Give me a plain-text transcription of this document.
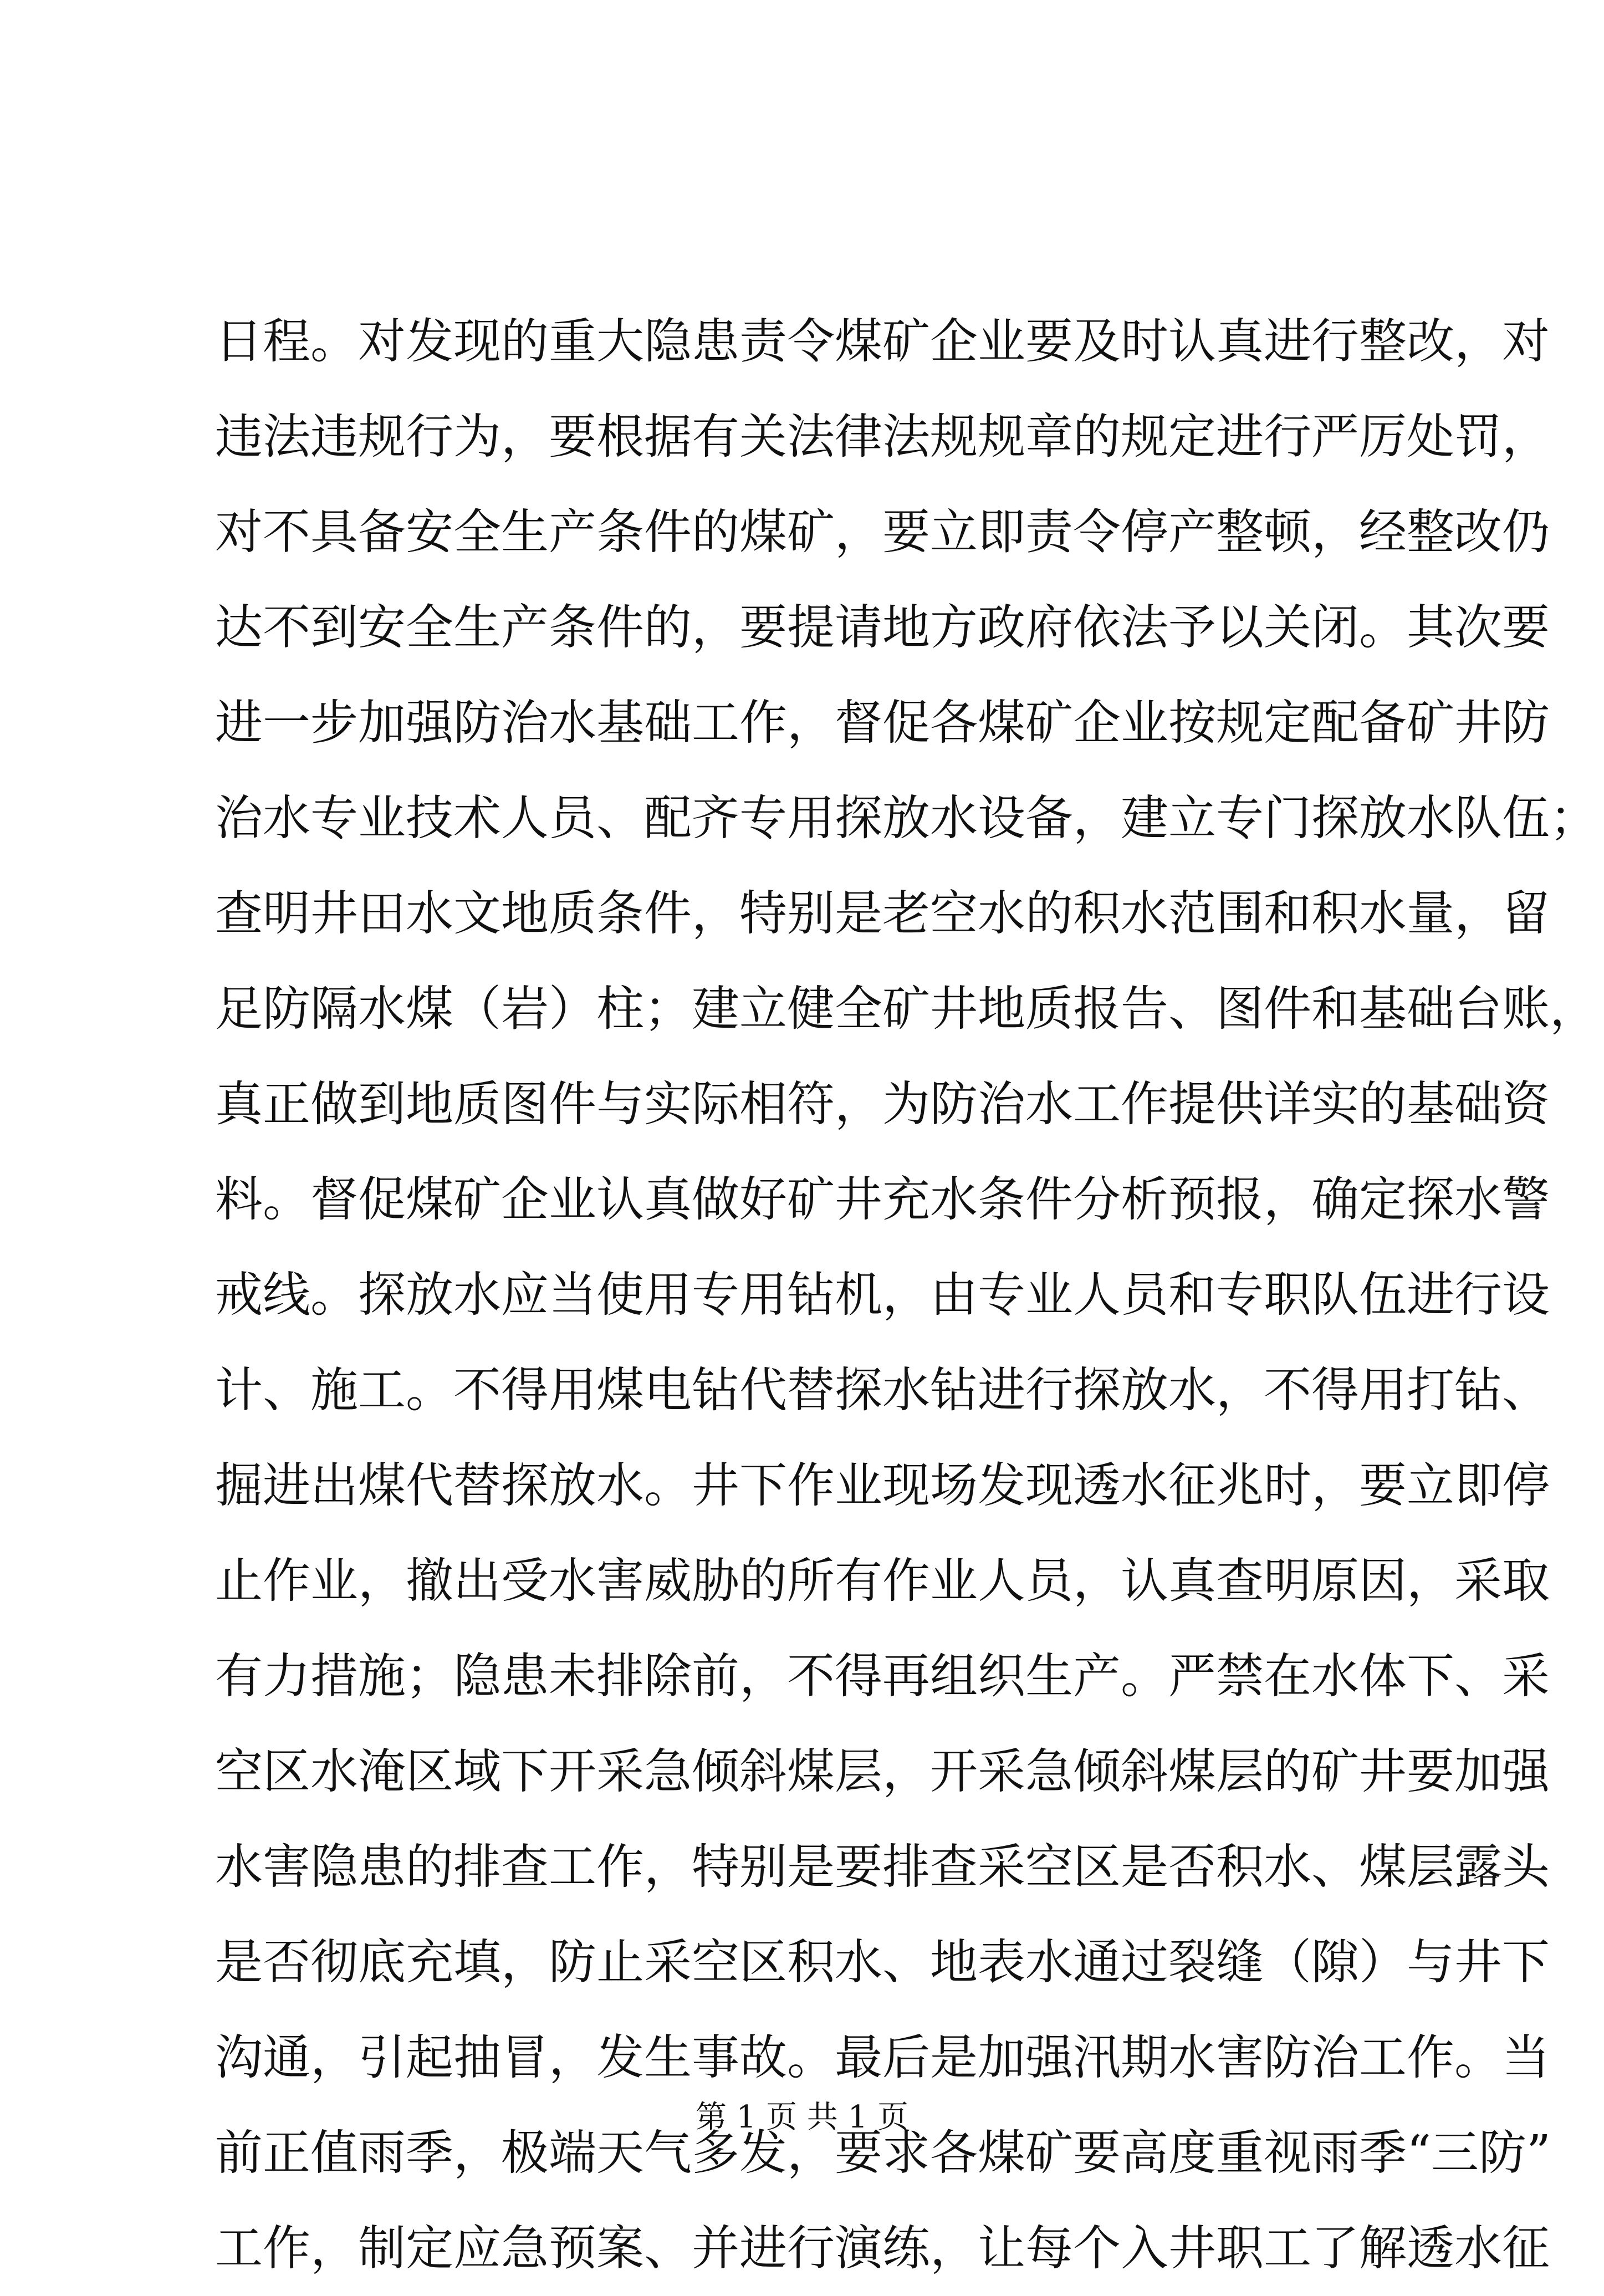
日程。对发现的重大隐患责令煤矿企业要及时认真进行整改，对
违法违规行为，要根据有关法律法规规章的规定进行严厉处罚，
对不具备安全生产条件的煤矿，要立即责令停产整顿，经整改仍
达不到安全生产条件的，要提请地方政府依法予以关闭。其次要
进一步加强防治水基础工作，督促各煤矿企业按规定配备矿井防
治水专业技术人员、配齐专用探放水设备，建立专门探放水队伍；
查明井田水文地质条件，特别是老空水的积水范围和积水量，留
足防隔水煤（岩）柱；建立健全矿井地质报告、图件和基础台账，
真正做到地质图件与实际相符，为防治水工作提供详实的基础资
料。督促煤矿企业认真做好矿井充水条件分析预报，确定探水警
戒线。探放水应当使用专用钻机，由专业人员和专职队伍进行设
计、施工。不得用煤电钻代替探水钻进行探放水，不得用打钻、
掘进出煤代替探放水。井下作业现场发现透水征兆时，要立即停
止作业，撤出受水害威胁的所有作业人员，认真查明原因，采取
有力措施；隐患未排除前，不得再组织生产。严禁在水体下、采
空区水淹区域下开采急倾斜煤层，开采急倾斜煤层的矿井要加强
水害隐患的排查工作，特别是要排查采空区是否积水、煤层露头
是否彻底充填，防止采空区积水、地表水通过裂缝（隙）与井下
沟通，引起抽冒，发生事故。最后是加强汛期水害防治工作。当
前正值雨季，极端天气多发，要求各煤矿要高度重视雨季“三防”
工作，制定应急预案、并进行演练，让每个入井职工了解透水征
第 1 页 共 1 页
